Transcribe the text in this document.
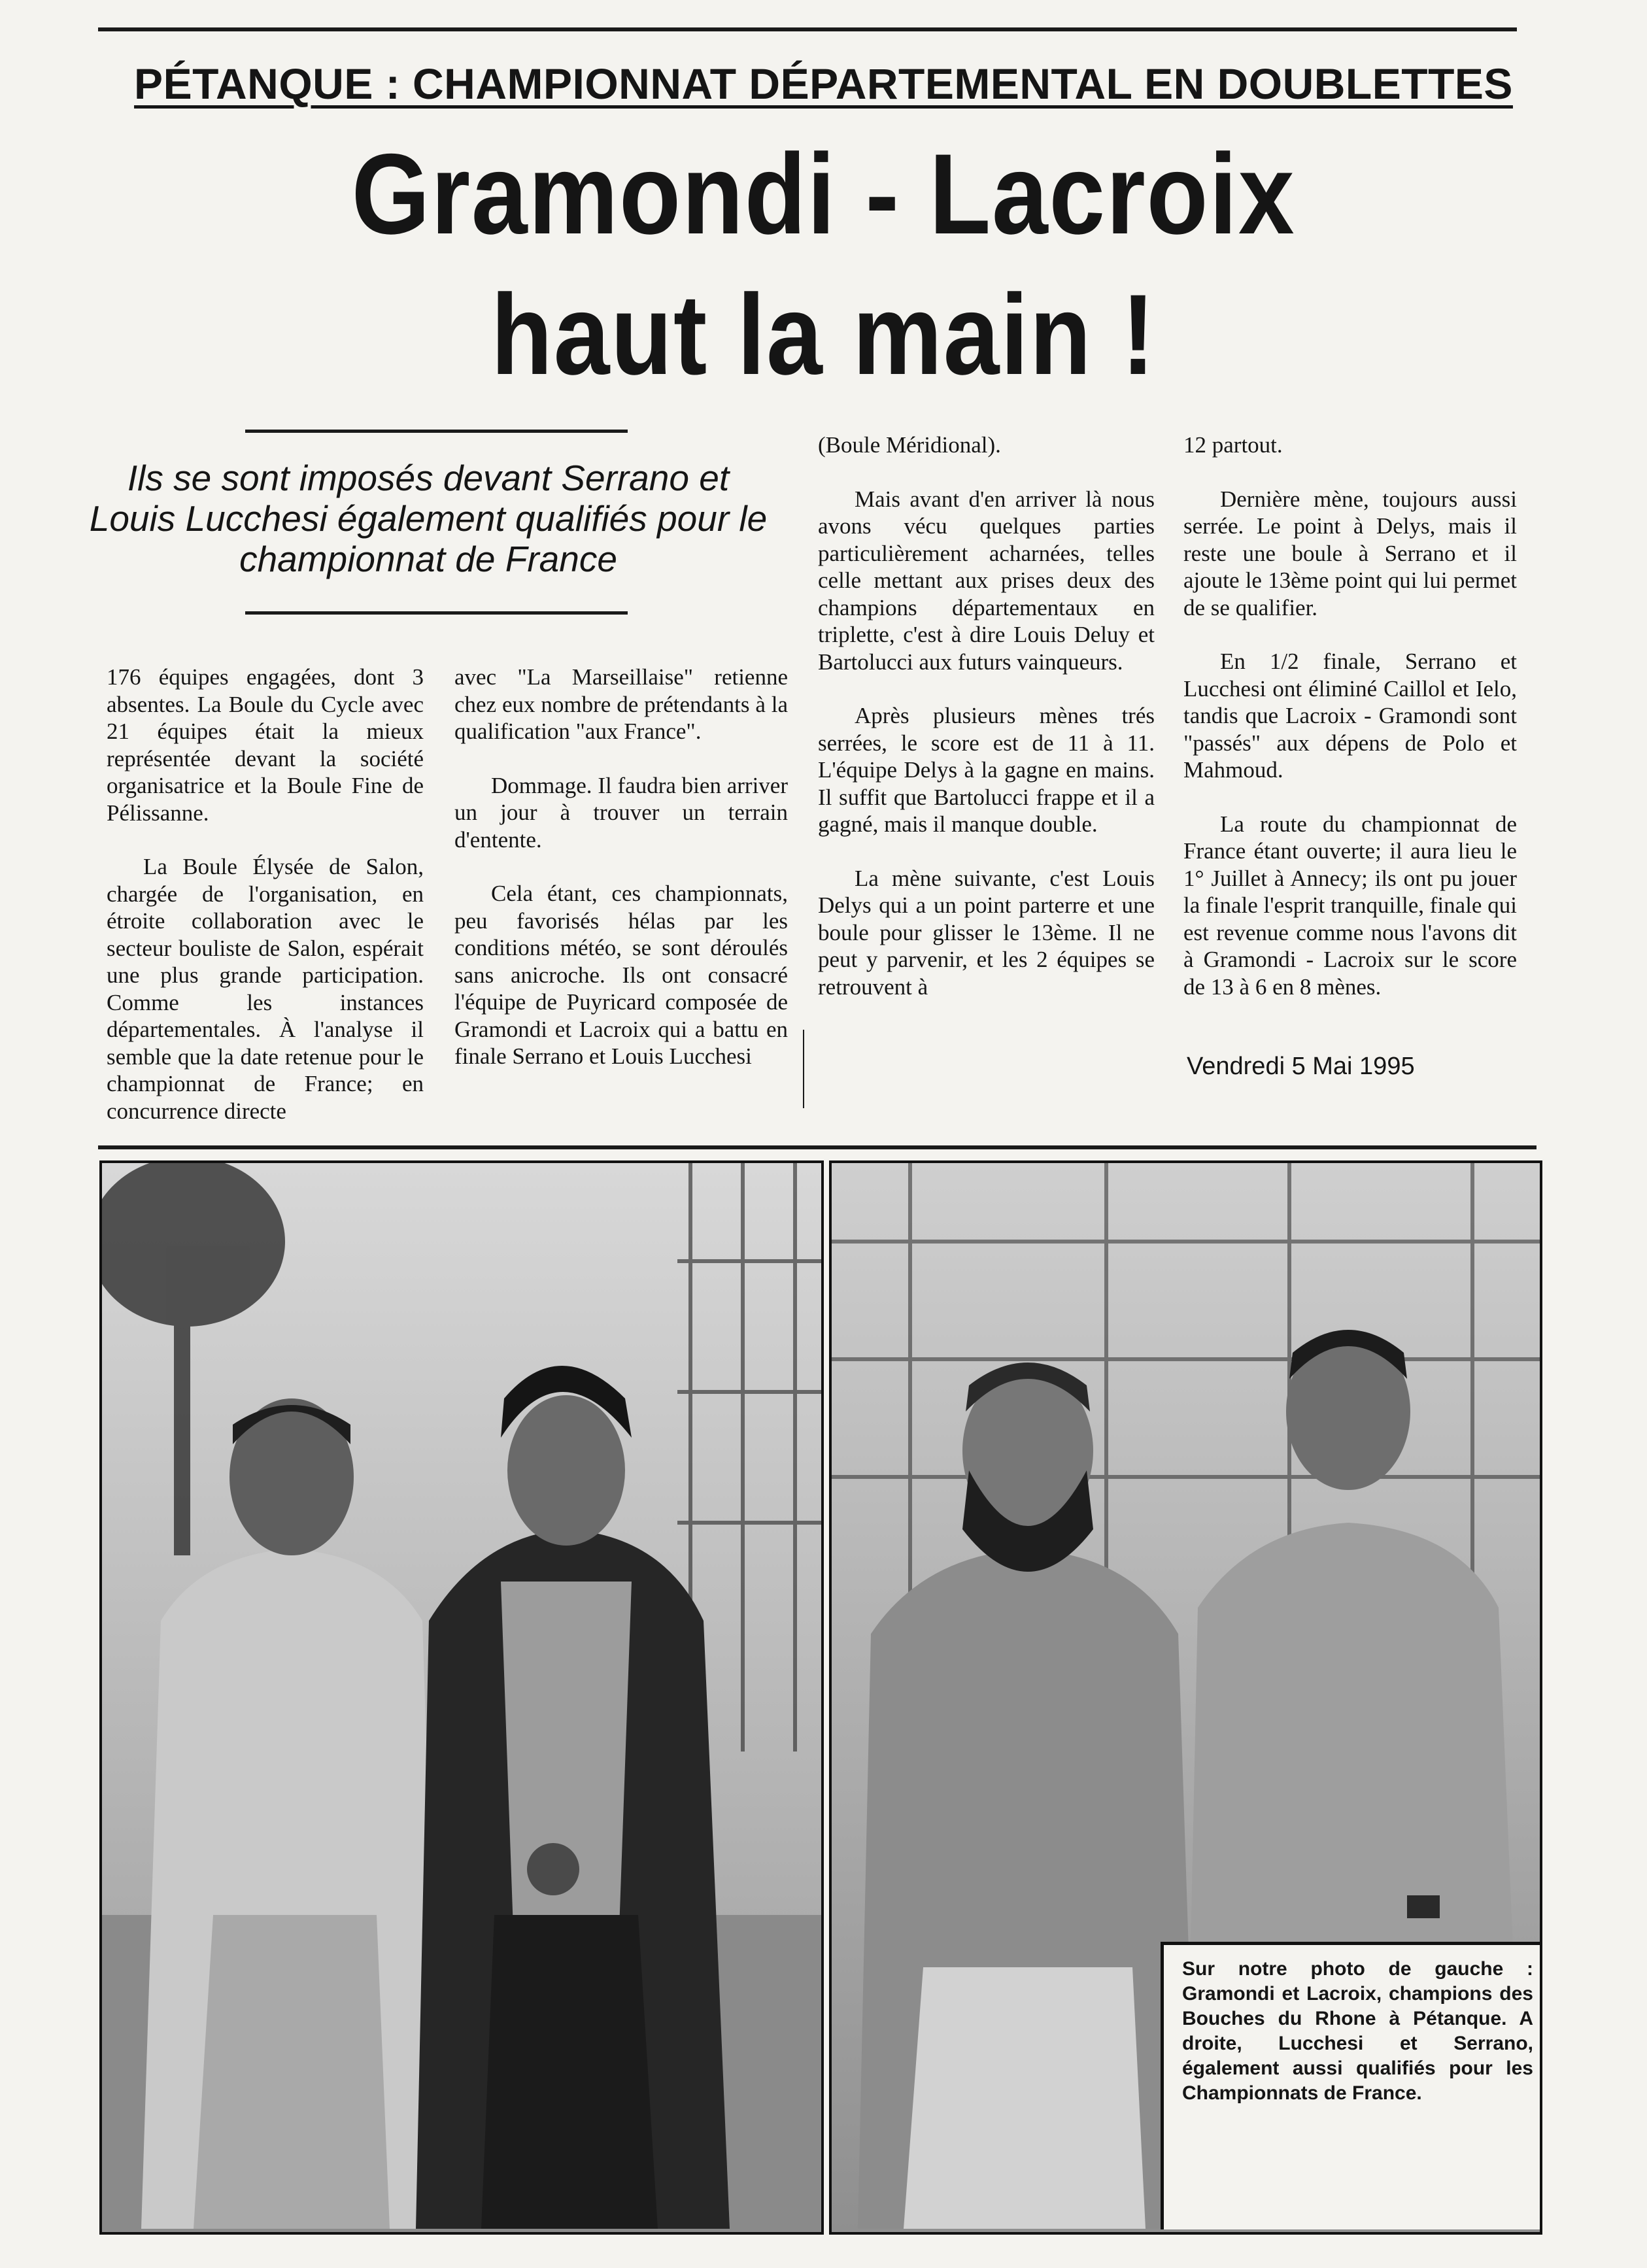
PÉTANQUE : CHAMPIONNAT DÉPARTEMENTAL EN DOUBLETTES
Gramondi - Lacroix
haut la main !
Ils se sont imposés devant Serrano et Louis Lucchesi également qualifiés pour le championnat de France

176 équipes engagées, dont 3 absentes. La Boule du Cycle avec 21 équipes était la mieux représentée devant la société organisatrice et la Boule Fine de Pélissanne.

La Boule Élysée de Salon, chargée de l'organisation, en étroite collaboration avec le secteur bouliste de Salon, espérait une plus grande participation. Comme les instances départementales. À l'analyse il semble que la date retenue pour le championnat de France; en concurrence directe

avec "La Marseillaise" retienne chez eux nombre de prétendants à la qualification "aux France".

Dommage. Il faudra bien arriver un jour à trouver un terrain d'entente.

Cela étant, ces championnats, peu favorisés hélas par les conditions météo, se sont déroulés sans anicroche. Ils ont consacré l'équipe de Puyricard composée de Gramondi et Lacroix qui a battu en finale Serrano et Louis Lucchesi

(Boule Méridional).

Mais avant d'en arriver là nous avons vécu quelques parties particulièrement acharnées, telles celle mettant aux prises deux des champions départementaux en triplette, c'est à dire Louis Deluy et Bartolucci aux futurs vainqueurs.

Après plusieurs mènes trés serrées, le score est de 11 à 11. L'équipe Delys à la gagne en mains. Il suffit que Bartolucci frappe et il a gagné, mais il manque double.

La mène suivante, c'est Louis Delys qui a un point parterre et une boule pour glisser le 13ème. Il ne peut y parvenir, et les 2 équipes se retrouvent à

12 partout.

Dernière mène, toujours aussi serrée. Le point à Delys, mais il reste une boule à Serrano et il ajoute le 13ème point qui lui permet de se qualifier.

En 1/2 finale, Serrano et Lucchesi ont éliminé Caillol et Ielo, tandis que Lacroix - Gramondi sont "passés" aux dépens de Polo et Mahmoud.

La route du championnat de France étant ouverte; il aura lieu le 1° Juillet à Annecy; ils ont pu jouer la finale l'esprit tranquille, finale qui est revenue comme nous l'avons dit à Gramondi - Lacroix sur le score de 13 à 6 en 8 mènes.

Vendredi 5 Mai 1995
Sur notre photo de gauche : Gramondi et Lacroix, champions des Bouches du Rhone à Pétanque. A droite, Lucchesi et Serrano, également aussi qualifiés pour les Championnats de France.
